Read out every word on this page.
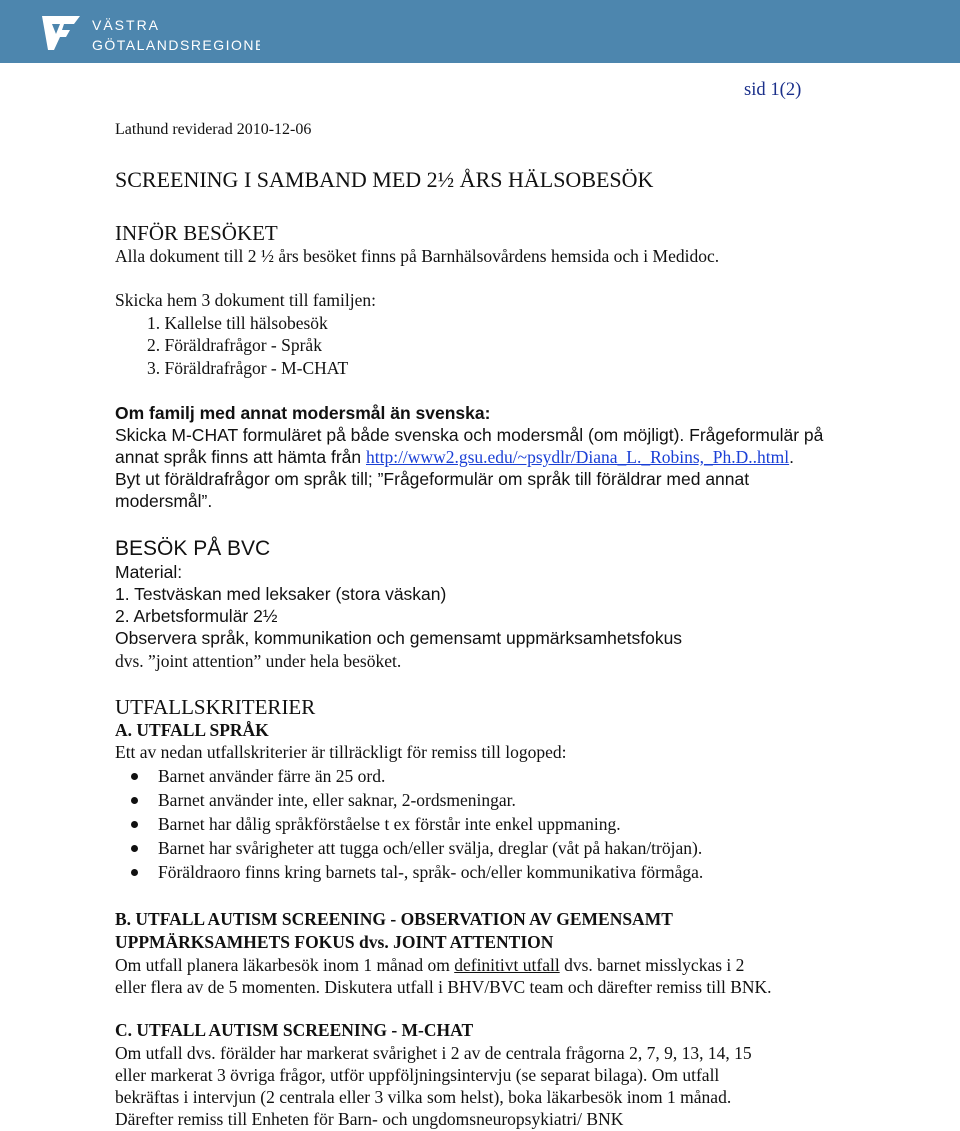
VÄSTRA
GÖTALANDSREGIONEN
sid 1(2)
Lathund reviderad 2010-12-06
SCREENING I SAMBAND MED 2½ ÅRS HÄLSOBESÖK
INFÖR BESÖKET
Alla dokument till 2 ½ års besöket finns på Barnhälsovårdens hemsida och i Medidoc.
Skicka hem 3 dokument till familjen:
1. Kallelse till hälsobesök
2. Föräldrafrågor - Språk
3. Föräldrafrågor - M-CHAT
Om familj med annat modersmål än svenska:
Skicka M-CHAT formuläret på både svenska och modersmål (om möjligt). Frågeformulär på
annat språk finns att hämta från http://www2.gsu.edu/~psydlr/Diana_L._Robins,_Ph.D..html.
Byt ut föräldrafrågor om språk till; ”Frågeformulär om språk till föräldrar med annat
modersmål”.
BESÖK PÅ BVC
Material:
1. Testväskan med leksaker (stora väskan)
2. Arbetsformulär 2½
Observera språk, kommunikation och gemensamt uppmärksamhetsfokus
dvs. ”joint attention” under hela besöket.
UTFALLSKRITERIER
A. UTFALL SPRÅK
Ett av nedan utfallskriterier är tillräckligt för remiss till logoped:
Barnet använder färre än 25 ord.
Barnet använder inte, eller saknar, 2-ordsmeningar.
Barnet har dålig språkförståelse t ex förstår inte enkel uppmaning.
Barnet har svårigheter att tugga och/eller svälja, dreglar (våt på hakan/tröjan).
Föräldraoro finns kring barnets tal-, språk- och/eller kommunikativa förmåga.
B. UTFALL AUTISM SCREENING - OBSERVATION AV GEMENSAMT
UPPMÄRKSAMHETS FOKUS dvs. JOINT ATTENTION
Om utfall planera läkarbesök inom 1 månad om definitivt utfall dvs. barnet misslyckas i 2
eller flera av de 5 momenten. Diskutera utfall i BHV/BVC team och därefter remiss till BNK.
C. UTFALL AUTISM SCREENING - M-CHAT
Om utfall dvs. förälder har markerat svårighet i 2 av de centrala frågorna 2, 7, 9, 13, 14, 15
eller markerat 3 övriga frågor, utför uppföljningsintervju (se separat bilaga). Om utfall
bekräftas i intervjun (2 centrala eller 3 vilka som helst), boka läkarbesök inom 1 månad.
Därefter remiss till Enheten för Barn- och ungdomsneuropsykiatri/ BNK
